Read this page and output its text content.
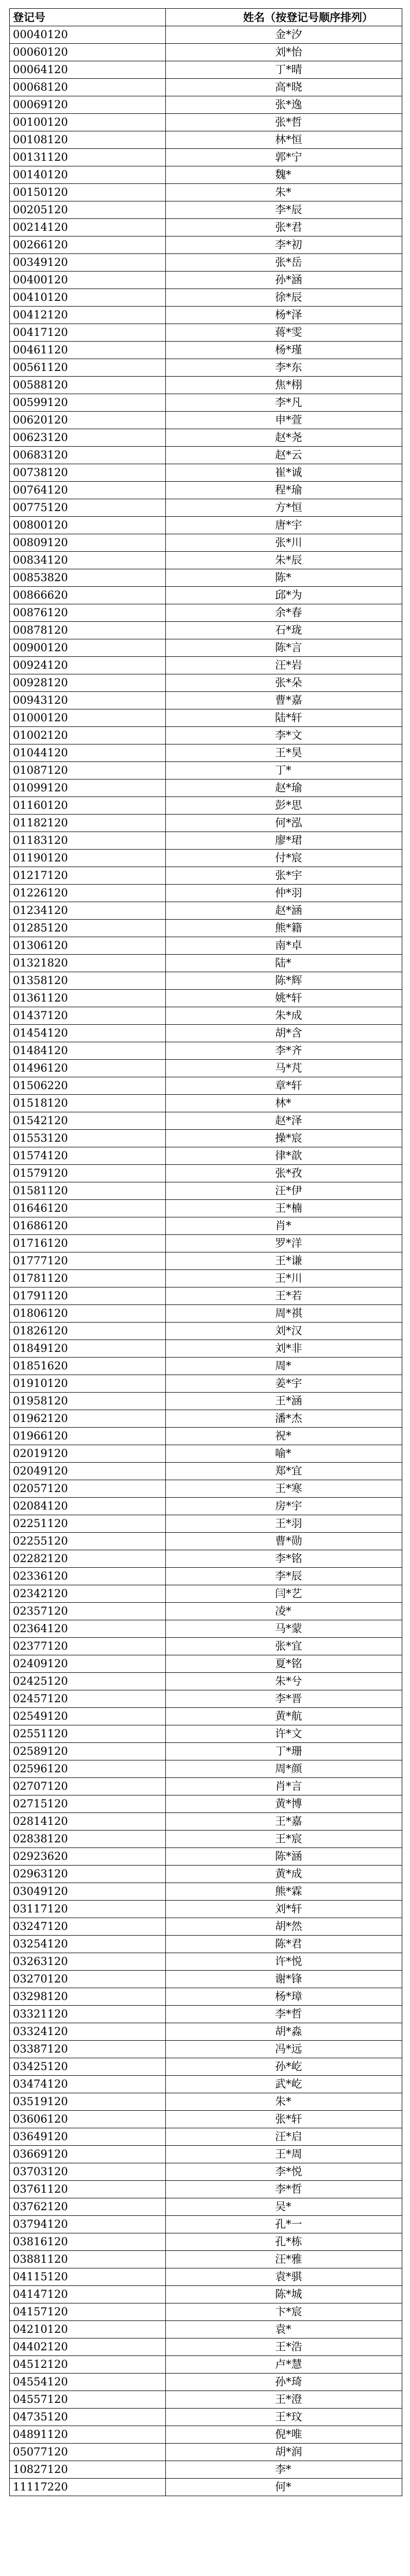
登记号	姓名（按登记号顺序排列）
00040120	金*汐
00060120	刘*怡
00064120	丁*晴
00068120	高*晓
00069120	张*逸
00100120	张*哲
00108120	林*恒
00131120	郭*宁
00140120	魏*
00150120	朱*
00205120	李*辰
00214120	张*君
00266120	李*初
00349120	张*岳
00400120	孙*涵
00410120	徐*辰
00412120	杨*泽
00417120	蒋*雯
00461120	杨*瑾
00561120	李*东
00588120	焦*栩
00599120	李*凡
00620120	申*萱
00623120	赵*尧
00683120	赵*云
00738120	崔*诚
00764120	程*瑜
00775120	方*恒
00800120	唐*宇
00809120	张*川
00834120	朱*辰
00853820	陈*
00866620	邱*为
00876120	余*春
00878120	石*珑
00900120	陈*言
00924120	汪*岩
00928120	张*朵
00943120	曹*嘉
01000120	陆*轩
01002120	李*文
01044120	王*昊
01087120	丁*
01099120	赵*瑜
01160120	彭*思
01182120	何*泓
01183120	廖*珺
01190120	付*宸
01217120	张*宇
01226120	仲*羽
01234120	赵*涵
01285120	熊*籍
01306120	南*卓
01321820	陆*
01358120	陈*辉
01361120	姚*轩
01437120	朱*成
01454120	胡*含
01484120	李*齐
01496120	马*芃
01506220	章*轩
01518120	林*
01542120	赵*泽
01553120	操*宸
01574120	律*歆
01579120	张*孜
01581120	汪*伊
01646120	王*楠
01686120	肖*
01716120	罗*洋
01777120	王*谦
01781120	王*川
01791120	王*若
01806120	周*祺
01826120	刘*汉
01849120	刘*非
01851620	周*
01910120	姜*宇
01958120	王*涵
01962120	潘*杰
01966120	祝*
02019120	喻*
02049120	郑*宜
02057120	王*寒
02084120	房*宇
02251120	王*羽
02255120	曹*勋
02282120	李*铭
02336120	李*辰
02342120	闫*艺
02357120	凌*
02364120	马*蒙
02377120	张*宜
02409120	夏*铭
02425120	朱*兮
02457120	李*晋
02549120	黄*航
02551120	许*文
02589120	丁*珊
02596120	周*颜
02707120	肖*言
02715120	黄*博
02814120	王*嘉
02838120	王*宸
02923620	陈*涵
02963120	黄*成
03049120	熊*霖
03117120	刘*轩
03247120	胡*然
03254120	陈*君
03263120	许*悦
03270120	谢*锋
03298120	杨*璋
03321120	李*哲
03324120	胡*淼
03387120	冯*远
03425120	孙*屹
03474120	武*屹
03519120	朱*
03606120	张*轩
03649120	汪*启
03669120	王*周
03703120	李*悦
03761120	李*哲
03762120	吴*
03794120	孔*一
03816120	孔*栋
03881120	汪*雅
04115120	袁*骐
04147120	陈*城
04157120	卞*宸
04210120	袁*
04402120	王*浩
04512120	卢*慧
04554120	孙*琦
04557120	王*澄
04735120	王*玟
04891120	倪*唯
05077120	胡*润
10827120	李*
11117220	何*
